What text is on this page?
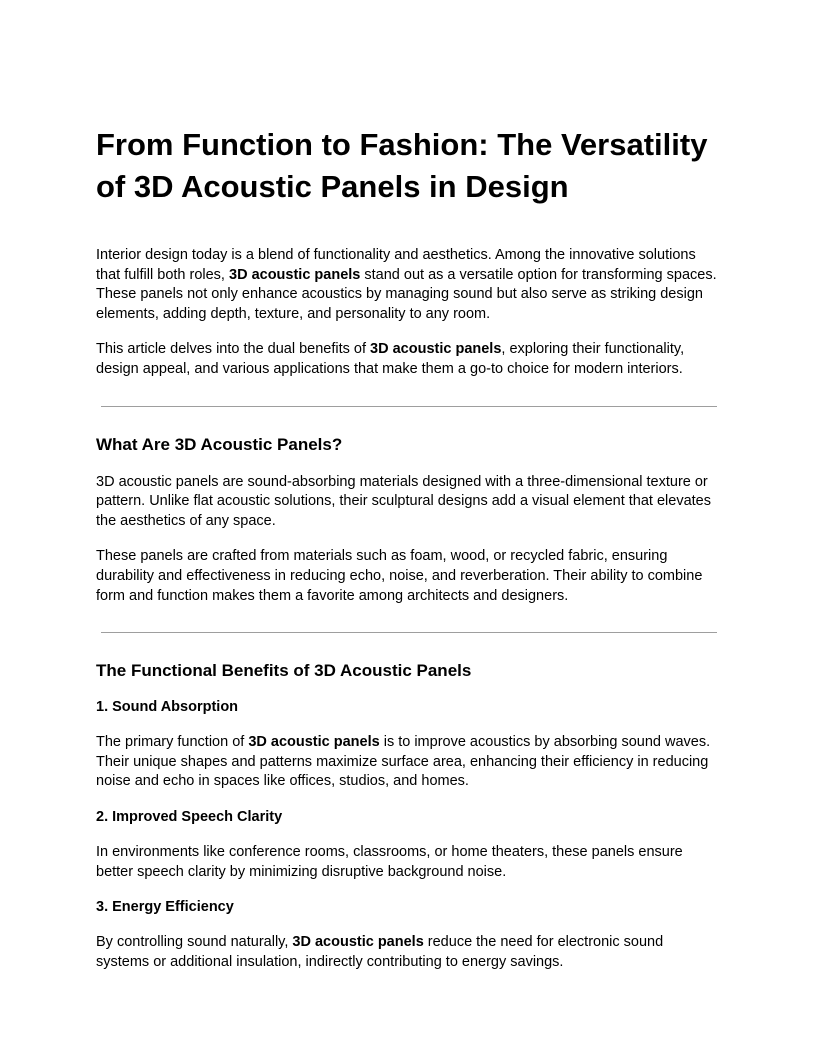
From Function to Fashion: The Versatility of 3D Acoustic Panels in Design

Interior design today is a blend of functionality and aesthetics. Among the innovative solutions that fulfill both roles, 3D acoustic panels stand out as a versatile option for transforming spaces. These panels not only enhance acoustics by managing sound but also serve as striking design elements, adding depth, texture, and personality to any room.

This article delves into the dual benefits of 3D acoustic panels, exploring their functionality, design appeal, and various applications that make them a go-to choice for modern interiors.

What Are 3D Acoustic Panels?

3D acoustic panels are sound-absorbing materials designed with a three-dimensional texture or pattern. Unlike flat acoustic solutions, their sculptural designs add a visual element that elevates the aesthetics of any space.

These panels are crafted from materials such as foam, wood, or recycled fabric, ensuring durability and effectiveness in reducing echo, noise, and reverberation. Their ability to combine form and function makes them a favorite among architects and designers.

The Functional Benefits of 3D Acoustic Panels
1. Sound Absorption

The primary function of 3D acoustic panels is to improve acoustics by absorbing sound waves. Their unique shapes and patterns maximize surface area, enhancing their efficiency in reducing noise and echo in spaces like offices, studios, and homes.

2. Improved Speech Clarity

In environments like conference rooms, classrooms, or home theaters, these panels ensure better speech clarity by minimizing disruptive background noise.

3. Energy Efficiency

By controlling sound naturally, 3D acoustic panels reduce the need for electronic sound systems or additional insulation, indirectly contributing to energy savings.
